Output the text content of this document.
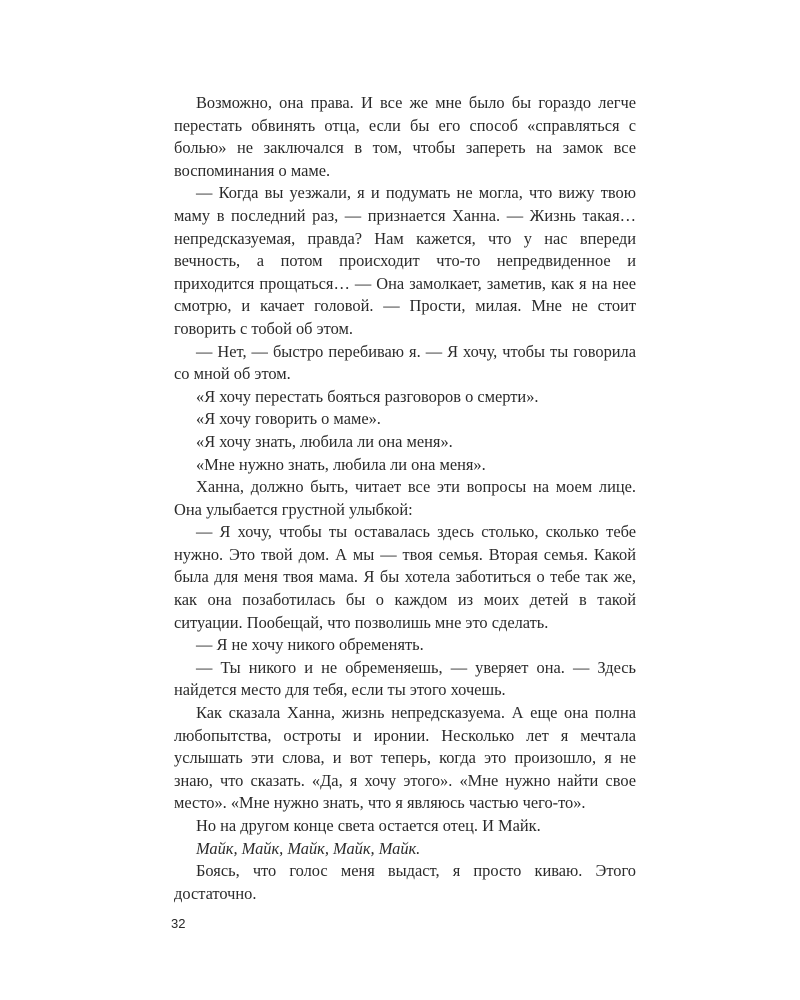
Возможно, она права. И все же мне было бы гораздо легче перестать обвинять отца, если бы его способ «справляться с болью» не заключался в том, чтобы запереть на замок все воспоминания о маме.

— Когда вы уезжали, я и подумать не могла, что вижу твою маму в последний раз, — признается Ханна. — Жизнь такая… непредсказуемая, правда? Нам кажется, что у нас впереди вечность, а потом происходит что-то непредвиденное и приходится прощаться… — Она замолкает, заметив, как я на нее смотрю, и качает головой. — Прости, милая. Мне не стоит говорить с тобой об этом.

— Нет, — быстро перебиваю я. — Я хочу, чтобы ты говорила со мной об этом.

«Я хочу перестать бояться разговоров о смерти».

«Я хочу говорить о маме».

«Я хочу знать, любила ли она меня».

«Мне нужно знать, любила ли она меня».

Ханна, должно быть, читает все эти вопросы на моем лице. Она улыбается грустной улыбкой:

— Я хочу, чтобы ты оставалась здесь столько, сколько тебе нужно. Это твой дом. А мы — твоя семья. Вторая семья. Какой была для меня твоя мама. Я бы хотела заботиться о тебе так же, как она позаботилась бы о каждом из моих детей в такой ситуации. Пообещай, что позволишь мне это сделать.

— Я не хочу никого обременять.

— Ты никого и не обременяешь, — уверяет она. — Здесь найдется место для тебя, если ты этого хочешь.

Как сказала Ханна, жизнь непредсказуема. А еще она полна любопытства, остроты и иронии. Несколько лет я мечтала услышать эти слова, и вот теперь, когда это произошло, я не знаю, что сказать. «Да, я хочу этого». «Мне нужно найти свое место». «Мне нужно знать, что я являюсь частью чего-то».

Но на другом конце света остается отец. И Майк.

Майк, Майк, Майк, Майк, Майк.

Боясь, что голос меня выдаст, я просто киваю. Этого достаточно.

32
